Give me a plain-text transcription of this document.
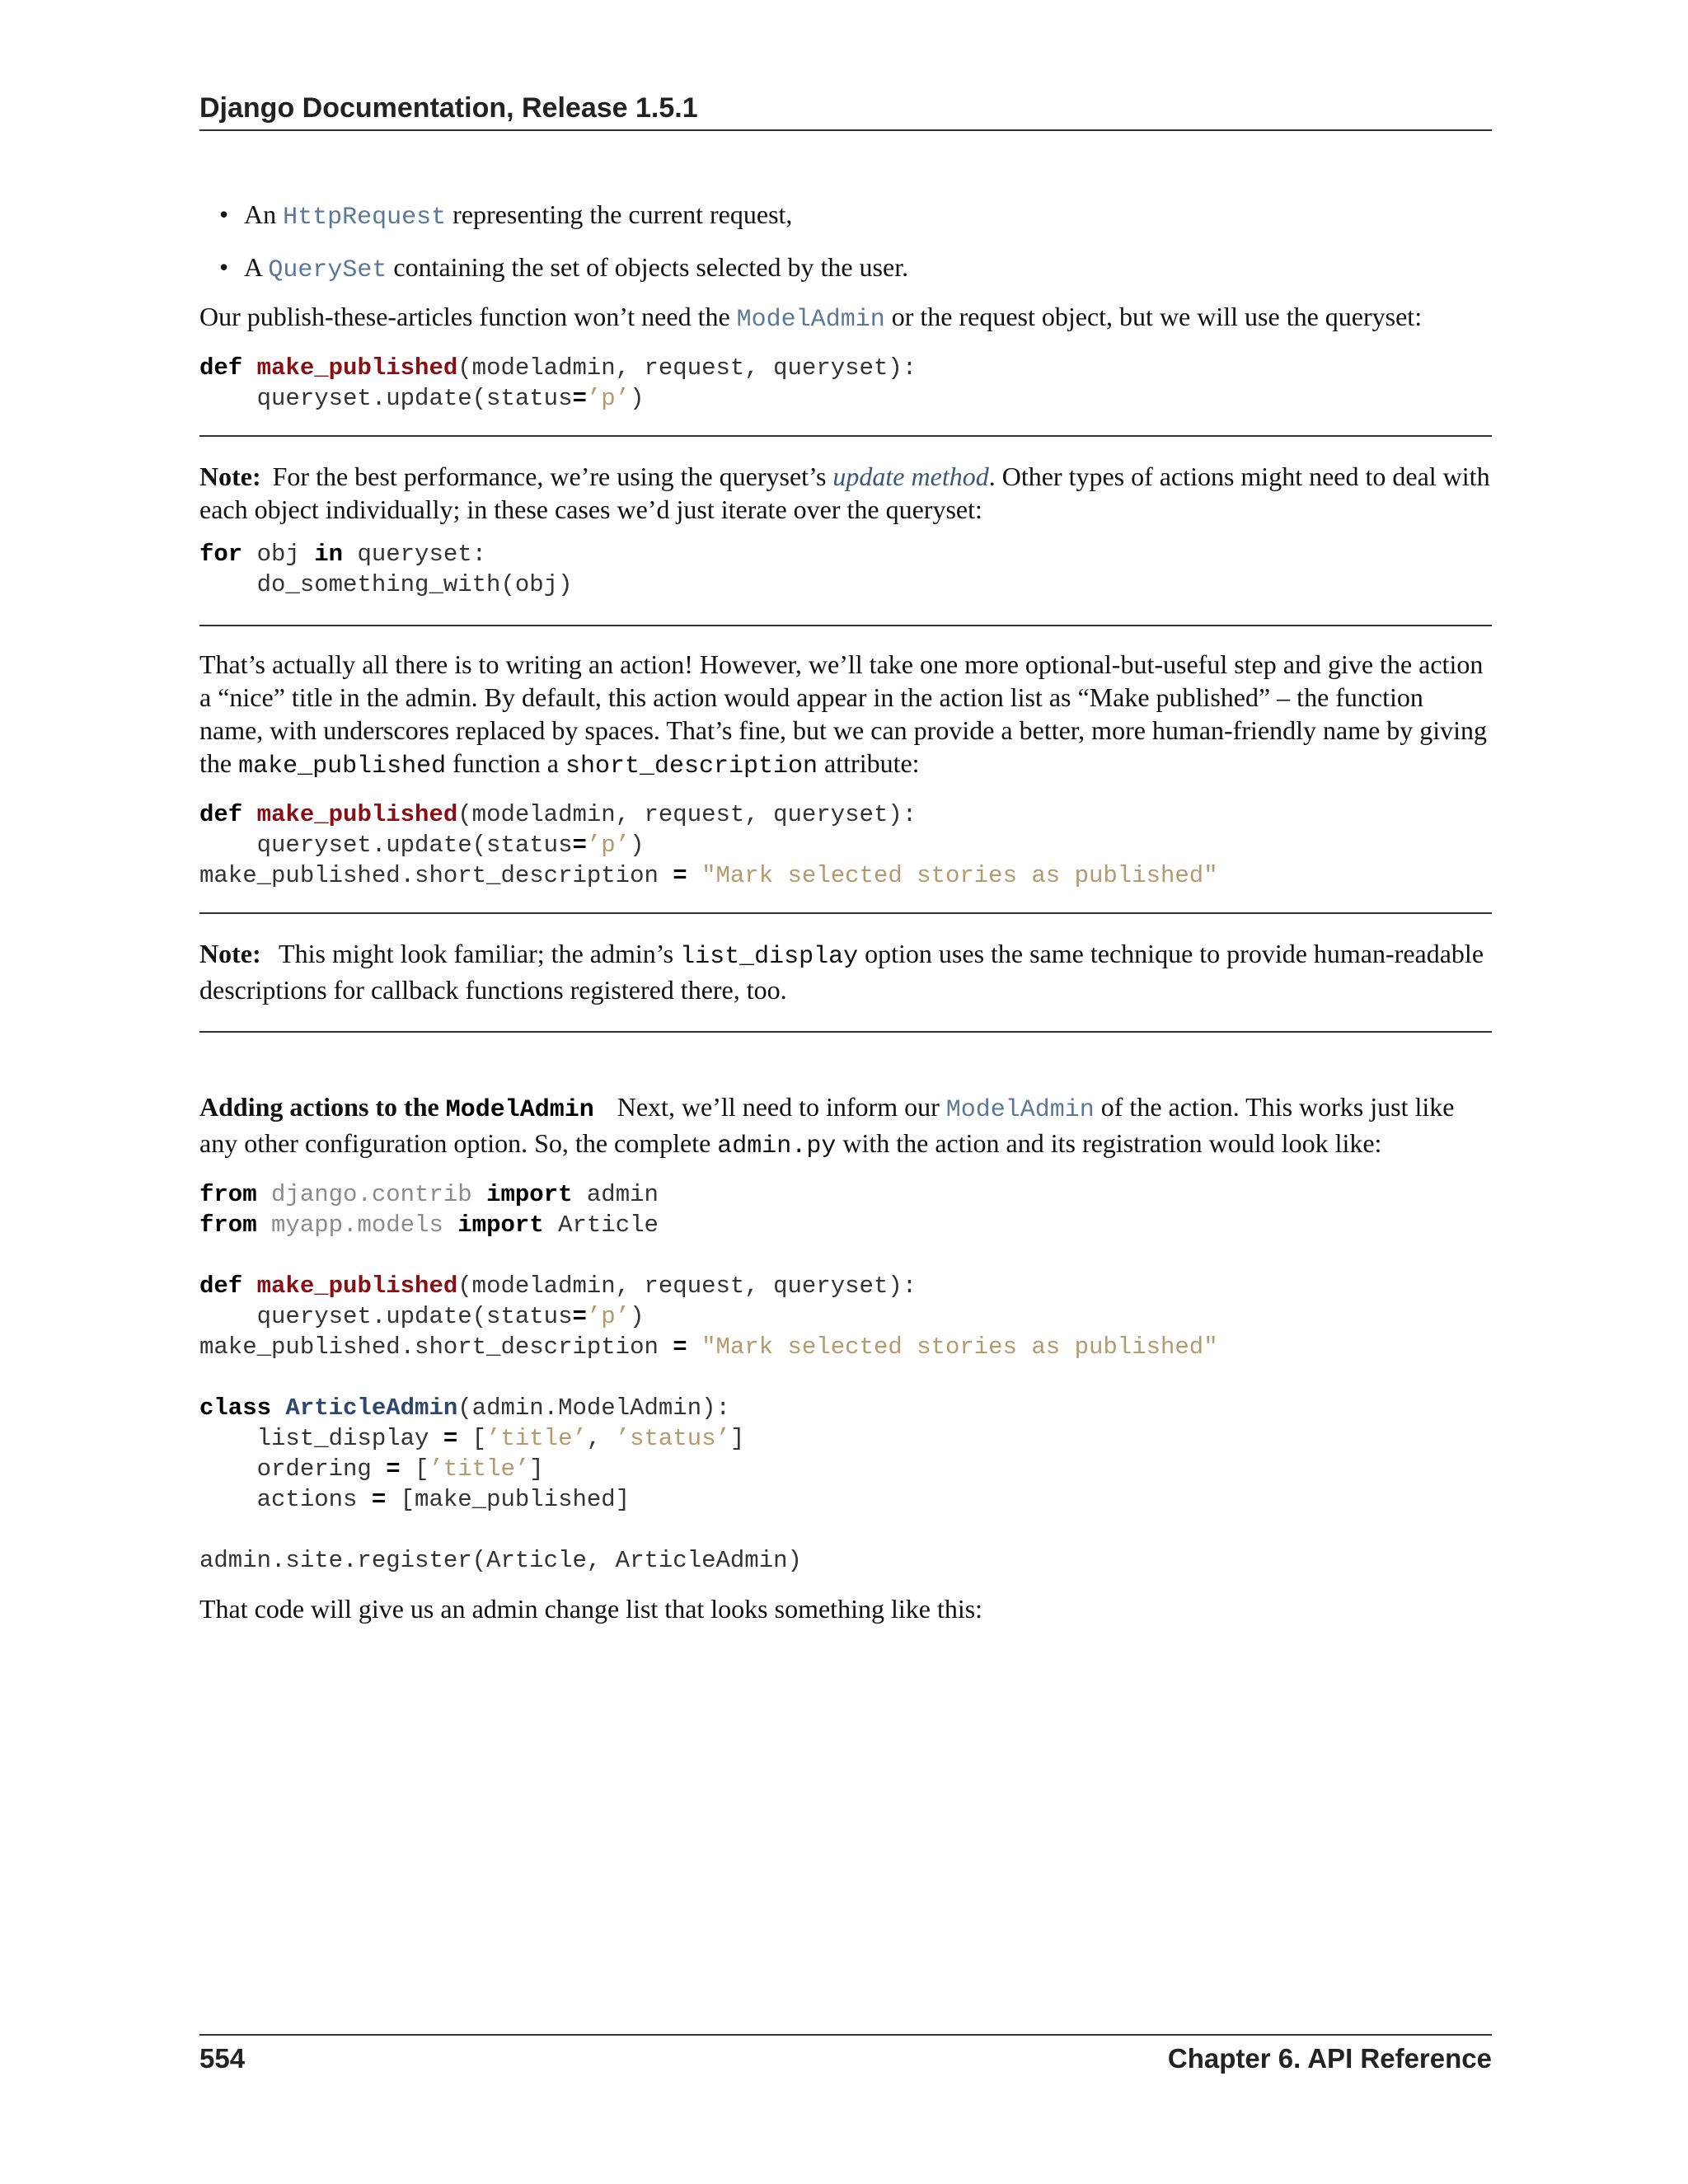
Django Documentation, Release 1.5.1
• An HttpRequest representing the current request,
• A QuerySet containing the set of objects selected by the user.

Our publish-these-articles function won’t need the ModelAdmin or the request object, but we will use the queryset:

def make_published(modeladmin, request, queryset):
queryset.update(status=’p’)

Note: For the best performance, we’re using the queryset’s update method. Other types of actions might need to deal with each object individually; in these cases we’d just iterate over the queryset:

for obj in queryset:
do_something_with(obj)

That’s actually all there is to writing an action! However, we’ll take one more optional-but-useful step and give the action a “nice” title in the admin. By default, this action would appear in the action list as “Make published” – the function name, with underscores replaced by spaces. That’s fine, but we can provide a better, more human-friendly name by giving the make_published function a short_description attribute:

def make_published(modeladmin, request, queryset):
queryset.update(status=’p’)
make_published.short_description = "Mark selected stories as published"

Note: This might look familiar; the admin’s list_display option uses the same technique to provide human-readable descriptions for callback functions registered there, too.

Adding actions to the ModelAdmin Next, we’ll need to inform our ModelAdmin of the action. This works just like any other configuration option. So, the complete admin.py with the action and its registration would look like:

from django.contrib import admin
from myapp.models import Article

def make_published(modeladmin, request, queryset):
queryset.update(status=’p’)
make_published.short_description = "Mark selected stories as published"

class ArticleAdmin(admin.ModelAdmin):
list_display = [’title’, ’status’]
ordering = [’title’]
actions = [make_published]

admin.site.register(Article, ArticleAdmin)

That code will give us an admin change list that looks something like this:

554	Chapter 6. API Reference
